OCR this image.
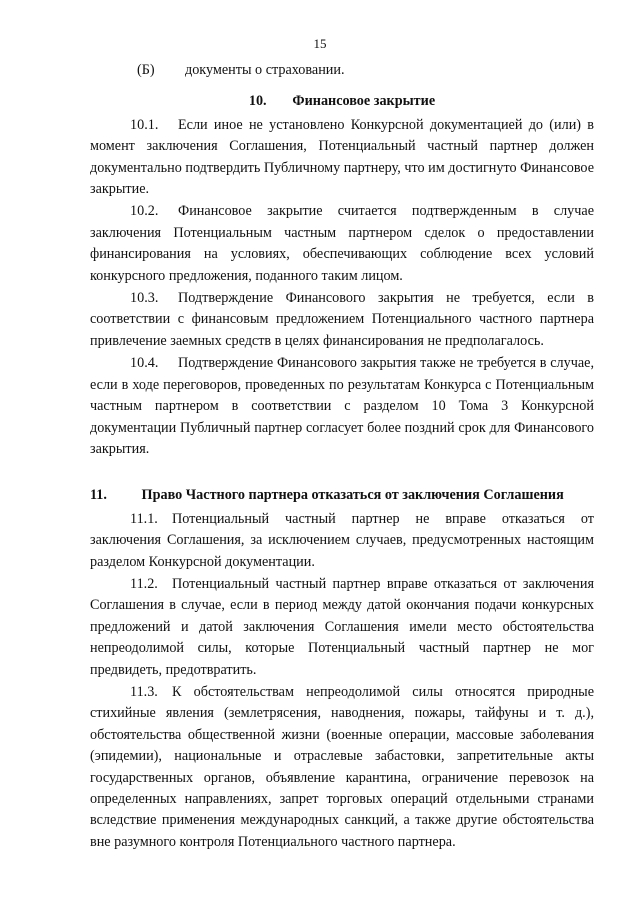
15

(Б)	документы о страховании.

10. Финансовое закрытие

10.1. Если иное не установлено Конкурсной документацией до (или) в момент заключения Соглашения, Потенциальный частный партнер должен документально подтвердить Публичному партнеру, что им достигнуто Финансовое закрытие.

10.2. Финансовое закрытие считается подтвержденным в случае заключения Потенциальным частным партнером сделок о предоставлении финансирования на условиях, обеспечивающих соблюдение всех условий конкурсного предложения, поданного таким лицом.

10.3. Подтверждение Финансового закрытия не требуется, если в соответствии с финансовым предложением Потенциального частного партнера привлечение заемных средств в целях финансирования не предполагалось.

10.4. Подтверждение Финансового закрытия также не требуется в случае, если в ходе переговоров, проведенных по результатам Конкурса с Потенциальным частным партнером в соответствии с разделом 10 Тома 3 Конкурсной документации Публичный партнер согласует более поздний срок для Финансового закрытия.

11. Право Частного партнера отказаться от заключения Соглашения

11.1. Потенциальный частный партнер не вправе отказаться от заключения Соглашения, за исключением случаев, предусмотренных настоящим разделом Конкурсной документации.

11.2. Потенциальный частный партнер вправе отказаться от заключения Соглашения в случае, если в период между датой окончания подачи конкурсных предложений и датой заключения Соглашения имели место обстоятельства непреодолимой силы, которые Потенциальный частный партнер не мог предвидеть, предотвратить.

11.3. К обстоятельствам непреодолимой силы относятся природные стихийные явления (землетрясения, наводнения, пожары, тайфуны и т. д.), обстоятельства общественной жизни (военные операции, массовые заболевания (эпидемии), национальные и отраслевые забастовки, запретительные акты государственных органов, объявление карантина, ограничение перевозок на определенных направлениях, запрет торговых операций отдельными странами вследствие применения международных санкций, а также другие обстоятельства вне разумного контроля Потенциального частного партнера.
